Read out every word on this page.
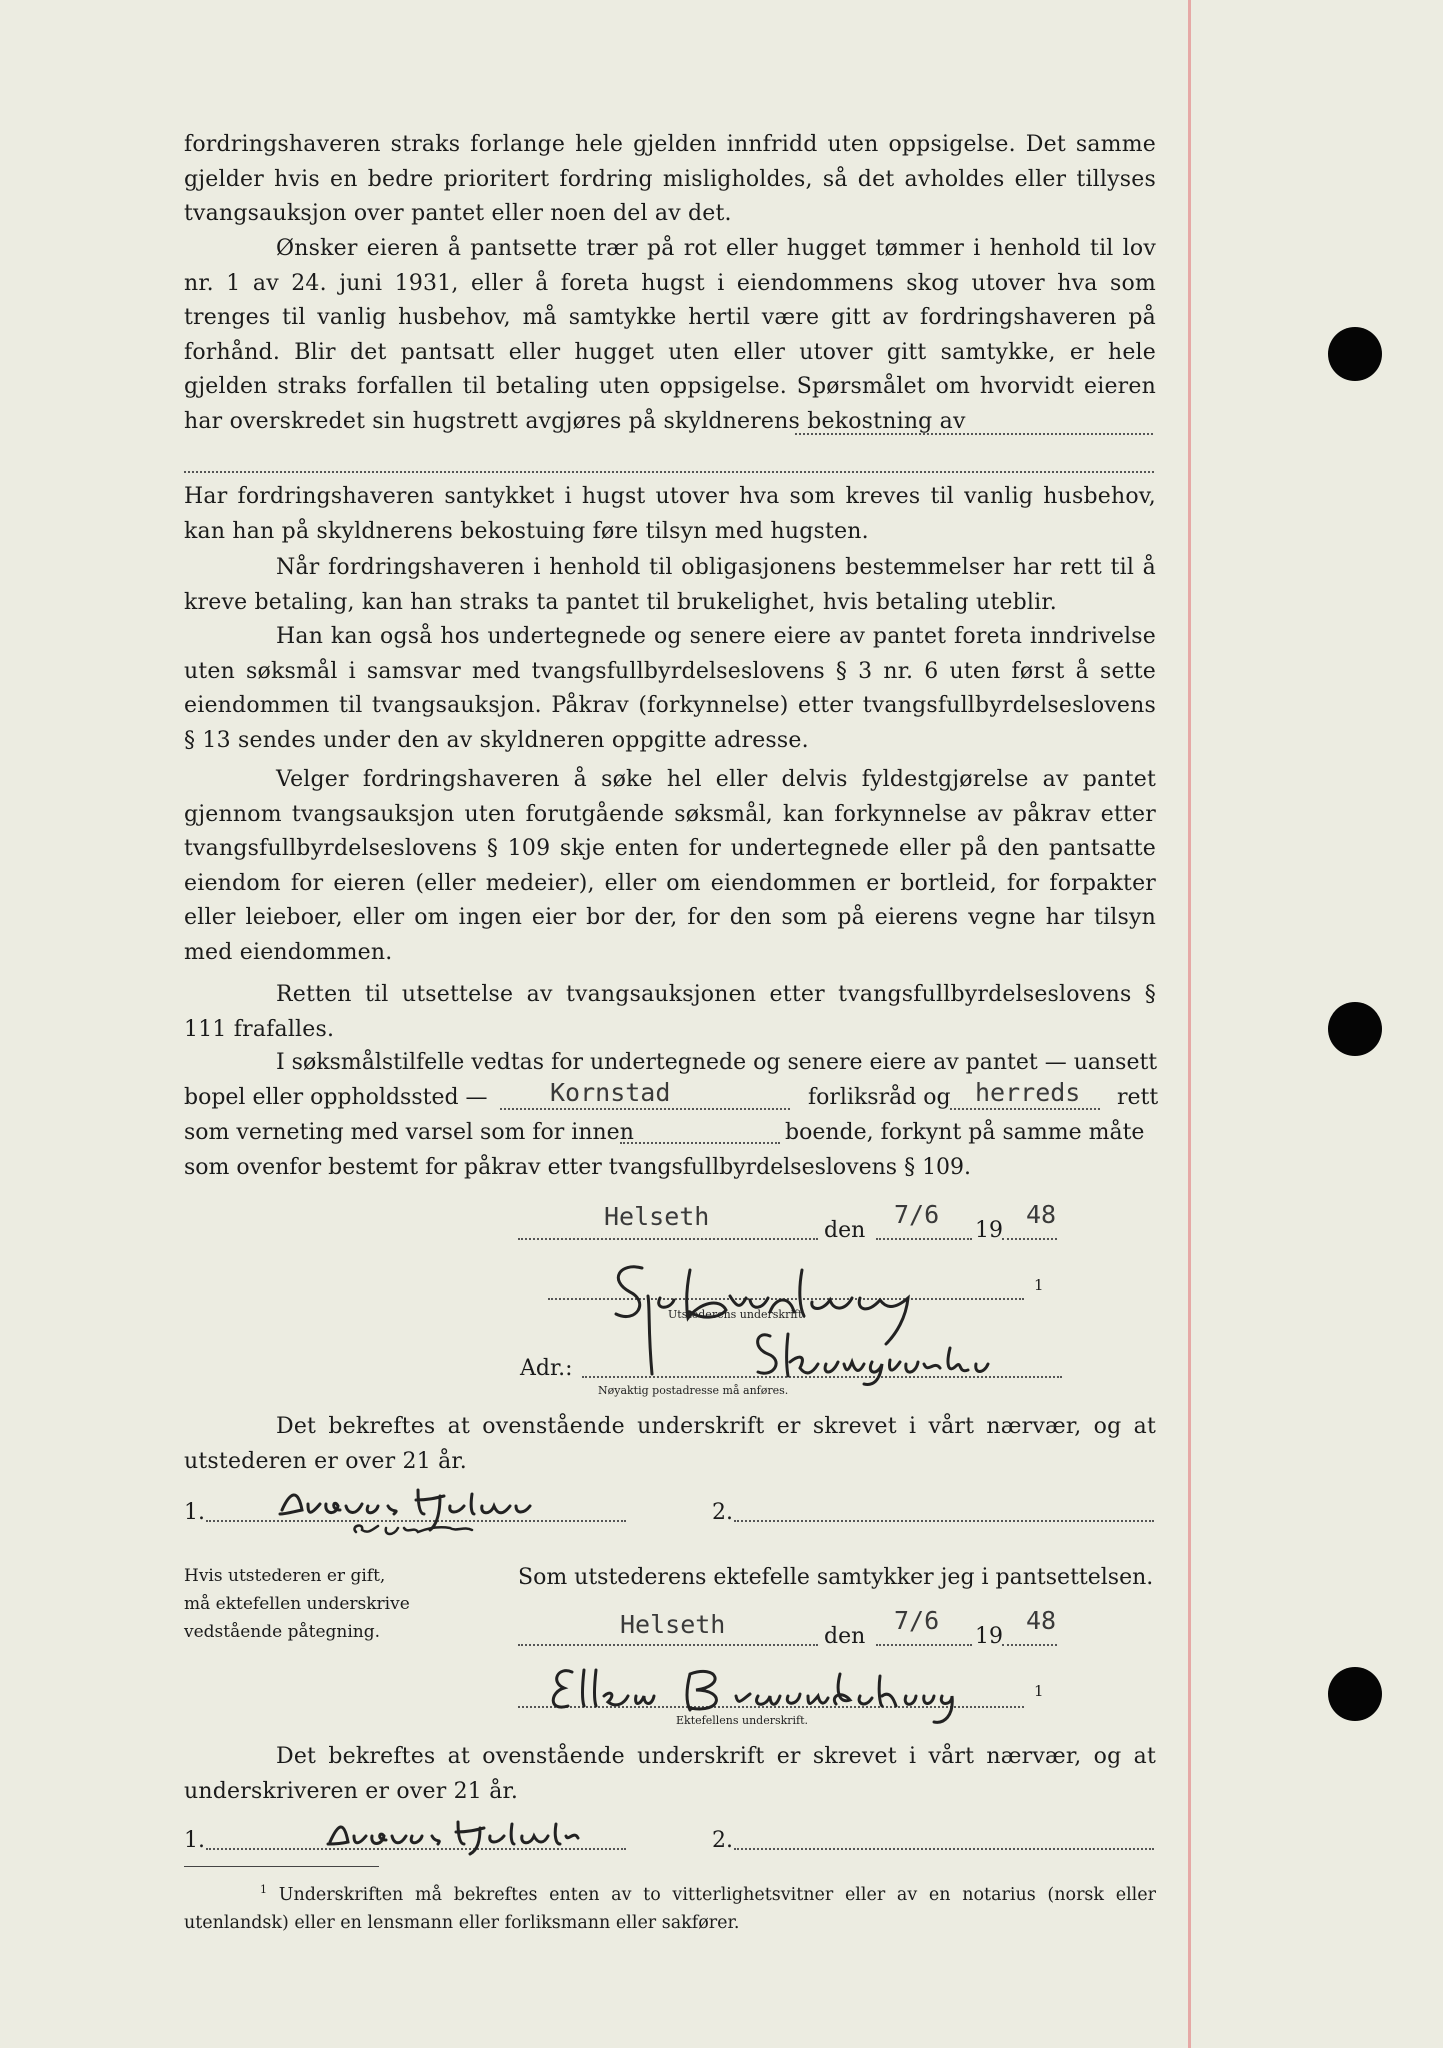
fordringshaveren straks forlange hele gjelden innfridd uten oppsigelse. Det samme gjelder hvis en bedre prioritert fordring misligholdes, så det avholdes eller tillyses tvangsauksjon over pantet eller noen del av det.

Ønsker eieren å pantsette trær på rot eller hugget tømmer i henhold til lov nr. 1 av 24. juni 1931, eller å foreta hugst i eiendommens skog utover hva som trenges til vanlig husbehov, må samtykke hertil være gitt av fordringshaveren på forhånd. Blir det pantsatt eller hugget uten eller utover gitt samtykke, er hele gjelden straks forfallen til betaling uten oppsigelse. Spørsmålet om hvorvidt eieren har overskredet sin hugstrett avgjøres på skyldnerens bekostning av

Har fordringshaveren santykket i hugst utover hva som kreves til vanlig husbehov, kan han på skyldnerens bekostuing føre tilsyn med hugsten.

Når fordringshaveren i henhold til obligasjonens bestemmelser har rett til å kreve betaling, kan han straks ta pantet til brukelighet, hvis betaling uteblir.

Han kan også hos undertegnede og senere eiere av pantet foreta inndrivelse uten søksmål i samsvar med tvangsfullbyrdelseslovens § 3 nr. 6 uten først å sette eiendommen til tvangsauksjon. Påkrav (forkynnelse) etter tvangsfullbyrdelseslovens § 13 sendes under den av skyldneren oppgitte adresse.

Velger fordringshaveren å søke hel eller delvis fyldestgjørelse av pantet gjennom tvangsauksjon uten forutgående søksmål, kan forkynnelse av påkrav etter tvangsfullbyrdelseslovens § 109 skje enten for undertegnede eller på den pantsatte eiendom for eieren (eller medeier), eller om eiendommen er bortleid, for forpakter eller leieboer, eller om ingen eier bor der, for den som på eierens vegne har tilsyn med eiendommen.

Retten til utsettelse av tvangsauksjonen etter tvangsfullbyrdelseslovens § 111 frafalles.

I søksmålstilfelle vedtas for undertegnede og senere eiere av pantet — uansett
bopel eller oppholdssted — Kornstad	forliksråd og herreds rett
som verneting med varsel som for innen	boende, forkynt på samme måte
som ovenfor bestemt for påkrav etter tvangsfullbyrdelseslovens § 109.
Helseth	den
7/6
19
48
1
Utstederens underskrift.
Adr.:
Nøyaktig postadresse må anføres.

Det bekreftes at ovenstående underskrift er skrevet i vårt nærvær, og at utstederen er over 21 år.

1.	2.
Hvis utstederen er gift,
må ektefellen underskrive
vedstående påtegning.
Som utstederens ektefelle samtykker jeg i pantsettelsen.
Helseth	den
7/6
19
48
1
Ektefellens underskrift.

Det bekreftes at ovenstående underskrift er skrevet i vårt nærvær, og at underskriveren er over 21 år.

1.	2.

$^1$ Underskriften må bekreftes enten av to vitterlighetsvitner eller av en notarius (norsk eller utenlandsk) eller en lensmann eller forliksmann eller sakfører.
